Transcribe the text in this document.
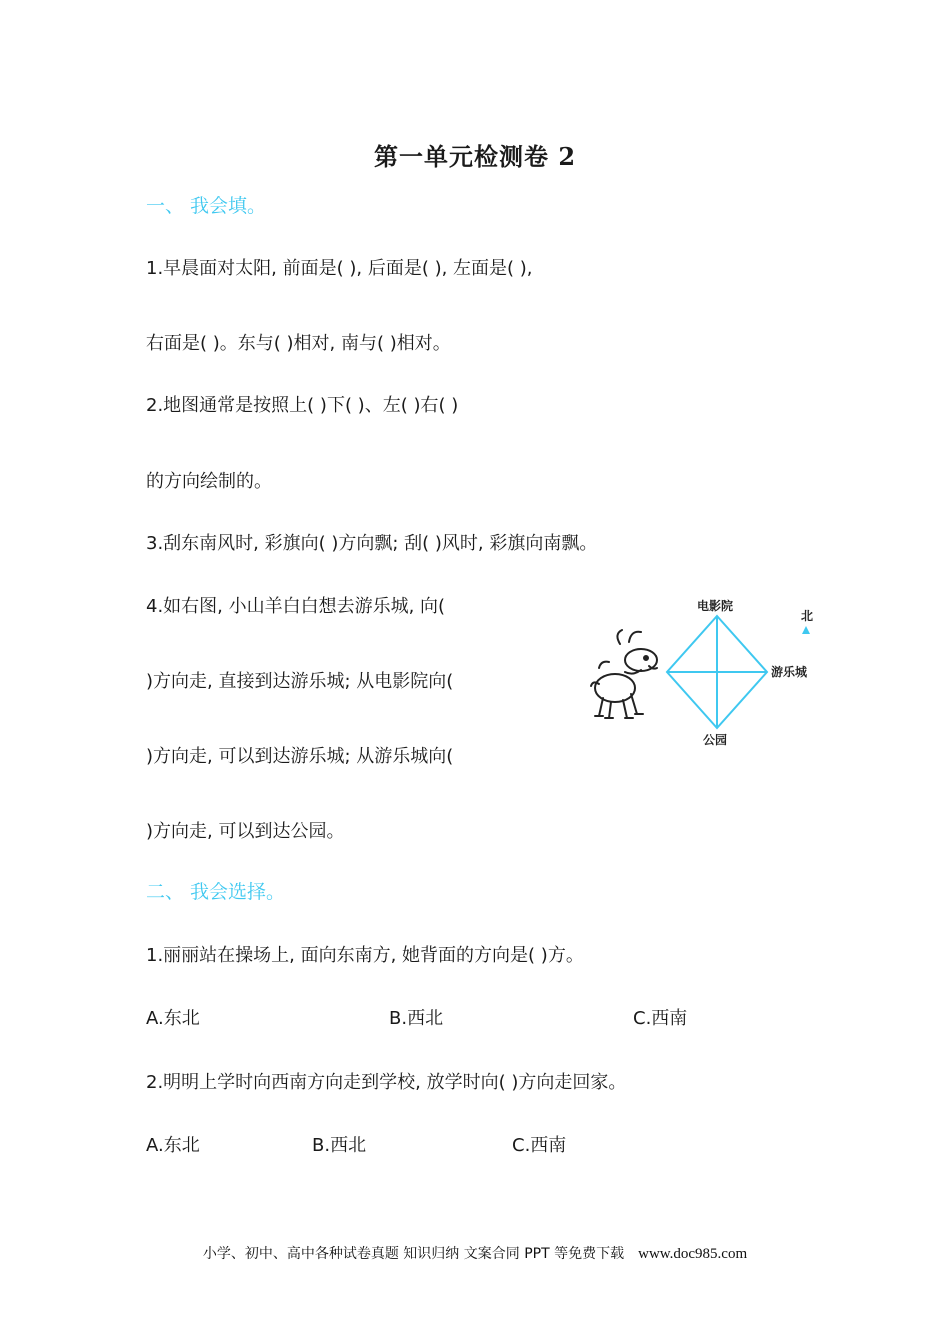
第一单元检测卷 2
一、 我会填。
1.早晨面对太阳, 前面是( ), 后面是( ), 左面是( ),
右面是( )。东与( )相对, 南与( )相对。
2.地图通常是按照上( )下( )、左( )右( )
的方向绘制的。
3.刮东南风时, 彩旗向( )方向飘; 刮( )风时, 彩旗向南飘。
4.如右图, 小山羊白白想去游乐城, 向(
)方向走, 直接到达游乐城; 从电影院向(
)方向走, 可以到达游乐城; 从游乐城向(
)方向走, 可以到达公园。
电影院
游乐城
公园
北
二、 我会选择。
1.丽丽站在操场上, 面向东南方, 她背面的方向是( )方。
A.东北	B.西北	C.西南
2.明明上学时向西南方向走到学校, 放学时向( )方向走回家。
A.东北	B.西北	C.西南
小学、初中、高中各种试卷真题 知识归纳 文案合同 PPT 等免费下载 www.doc985.com
